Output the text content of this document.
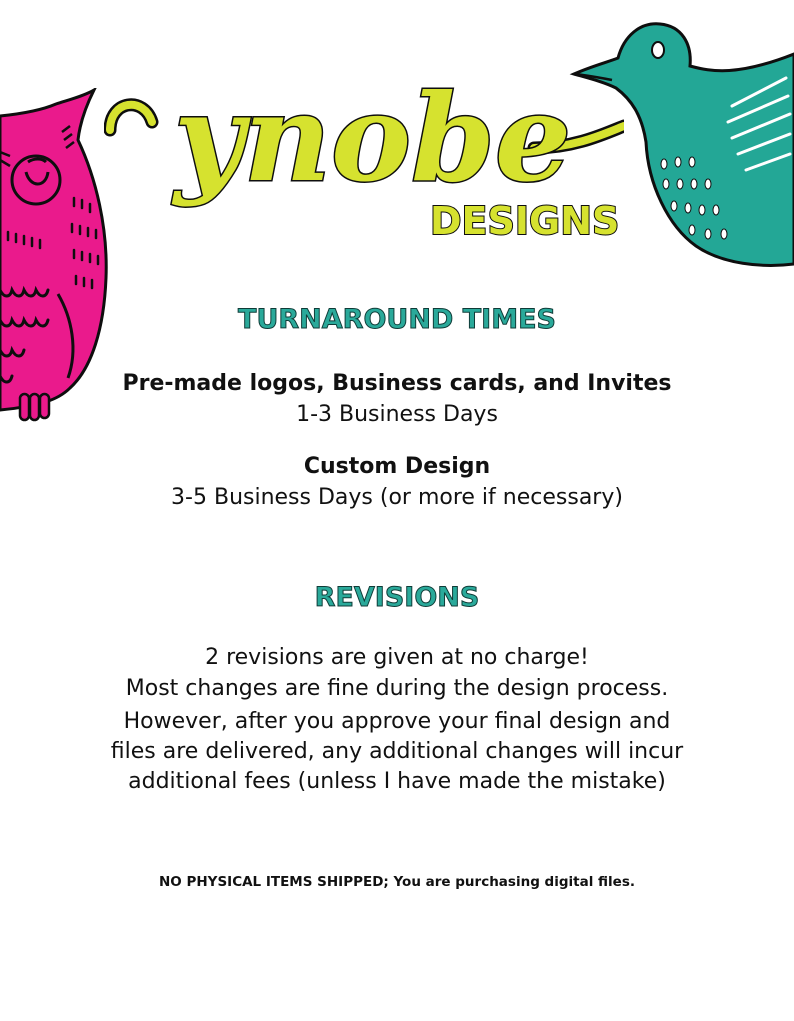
ynobe
DESIGNS
TURNAROUND TIMES
Pre-made logos, Business cards, and Invites
1-3 Business Days
Custom Design
3-5 Business Days (or more if necessary)
REVISIONS
2 revisions are given at no charge!
Most changes are fine during the design process.
However, after you approve your final design and
files are delivered, any additional changes will incur
additional fees (unless I have made the mistake)
NO PHYSICAL ITEMS SHIPPED; You are purchasing digital files.
